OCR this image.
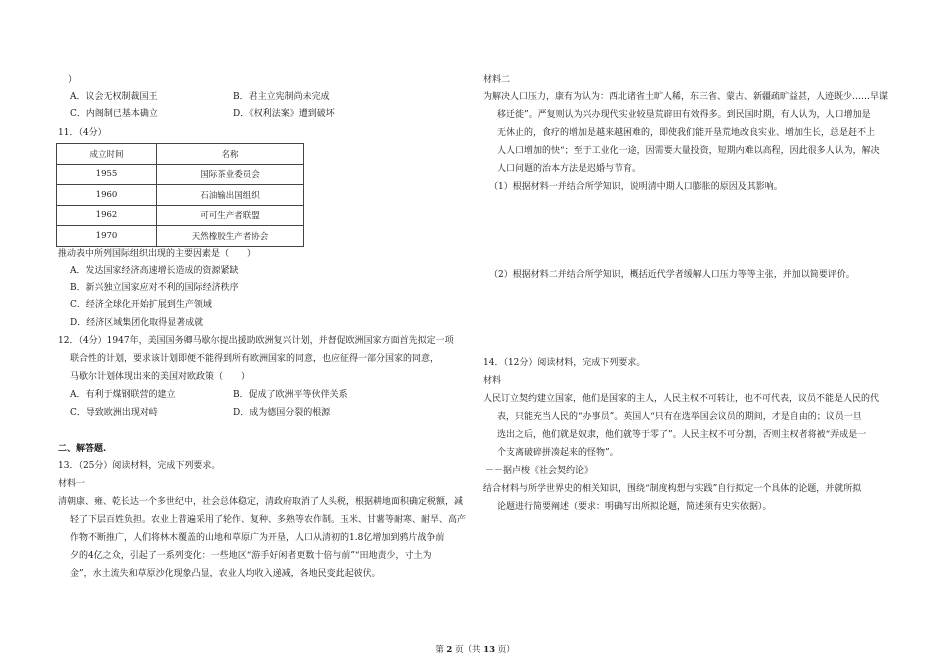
）
A．议会无权制裁国王	B．君主立宪制尚未完成
C．内阁制已基本确立	D．《权利法案》遭到破坏
11．（4分）
成立时间	名称
1955	国际茶业委员会
1960	石油输出国组织
1962	可可生产者联盟
1970	天然橡胶生产者协会
推动表中所列国际组织出现的主要因素是（　　）
A．发达国家经济高速增长造成的资源紧缺
B．新兴独立国家应对不利的国际经济秩序
C．经济全球化开始扩展到生产领域
D．经济区域集团化取得显著成就
12．（4分）1947年，美国国务卿马歇尔提出援助欧洲复兴计划，并督促欧洲国家方面首先拟定一项
联合性的计划，要求该计划即便不能得到所有欧洲国家的同意，也应征得一部分国家的同意，
马歇尔计划体现出来的美国对欧政策（　　）
A．有利于煤钢联营的建立	B．促成了欧洲平等伙伴关系
C．导致欧洲出现对峙	D．成为德国分裂的根源
二、解答题.
13．（25分）阅读材料，完成下列要求。
材料一
清朝康、雍、乾长达一个多世纪中，社会总体稳定，清政府取消了人头税，根据耕地面积确定税额，减
轻了下层百姓负担。农业上普遍采用了轮作、复种、多熟等农作制。玉米、甘薯等耐寒、耐旱、高产
作物不断推广，人们将林木覆盖的山地和草原广为开垦，人口从清初的1.8亿增加到鸦片战争前
夕的4亿之众，引起了一系列变化：一些地区“游手好闲者更数十倍与前”“田地责少，寸土为
金”，水土流失和草原沙化现象凸显，农业人均收入递减，各地民变此起彼伏。
材料二
为解决人口压力，康有为认为：西北诸省土旷人稀，东三省、蒙古、新疆疏旷益甚，人迹既少……早谋
移迁徙”。严复则认为兴办现代实业较垦荒辟田有效得多。到民国时期，有人认为，人口增加是
无休止的，食疗的增加是越来越困难的，即使我们能开垦荒地改良实业、增加生长，总是赶不上
人人口增加的快“；至于工业化一途，因需要大量投资，短期内难以高程，因此很多人认为，解决
人口问题的治本方法是迟婚与节育。
（1）根据材料一并结合所学知识，说明清中期人口膨胀的原因及其影响。
（2）根据材料二并结合所学知识，概括近代学者缓解人口压力等等主张，并加以简要评价。
14．（12分）阅读材料，完成下列要求。
材料
人民订立契约建立国家，他们是国家的主人，人民主权不可转让，也不可代表，议员不能是人民的代
表，只能充当人民的“办事员”。英国人“只有在选举国会议员的期间，才是自由的；议员一旦
选出之后，他们就是奴隶，他们就等于零了”。人民主权不可分割，否则主权者将被“弄成是一
个支离破碎拼凑起来的怪物”。
－－据卢梭《社会契约论》
结合材料与所学世界史的相关知识，围绕“制度构想与实践”自行拟定一个具体的论题，并就所拟
论题进行简要阐述（要求：明确写出所拟论题，简述须有史实依据）。
第 2 页（共 13 页）
